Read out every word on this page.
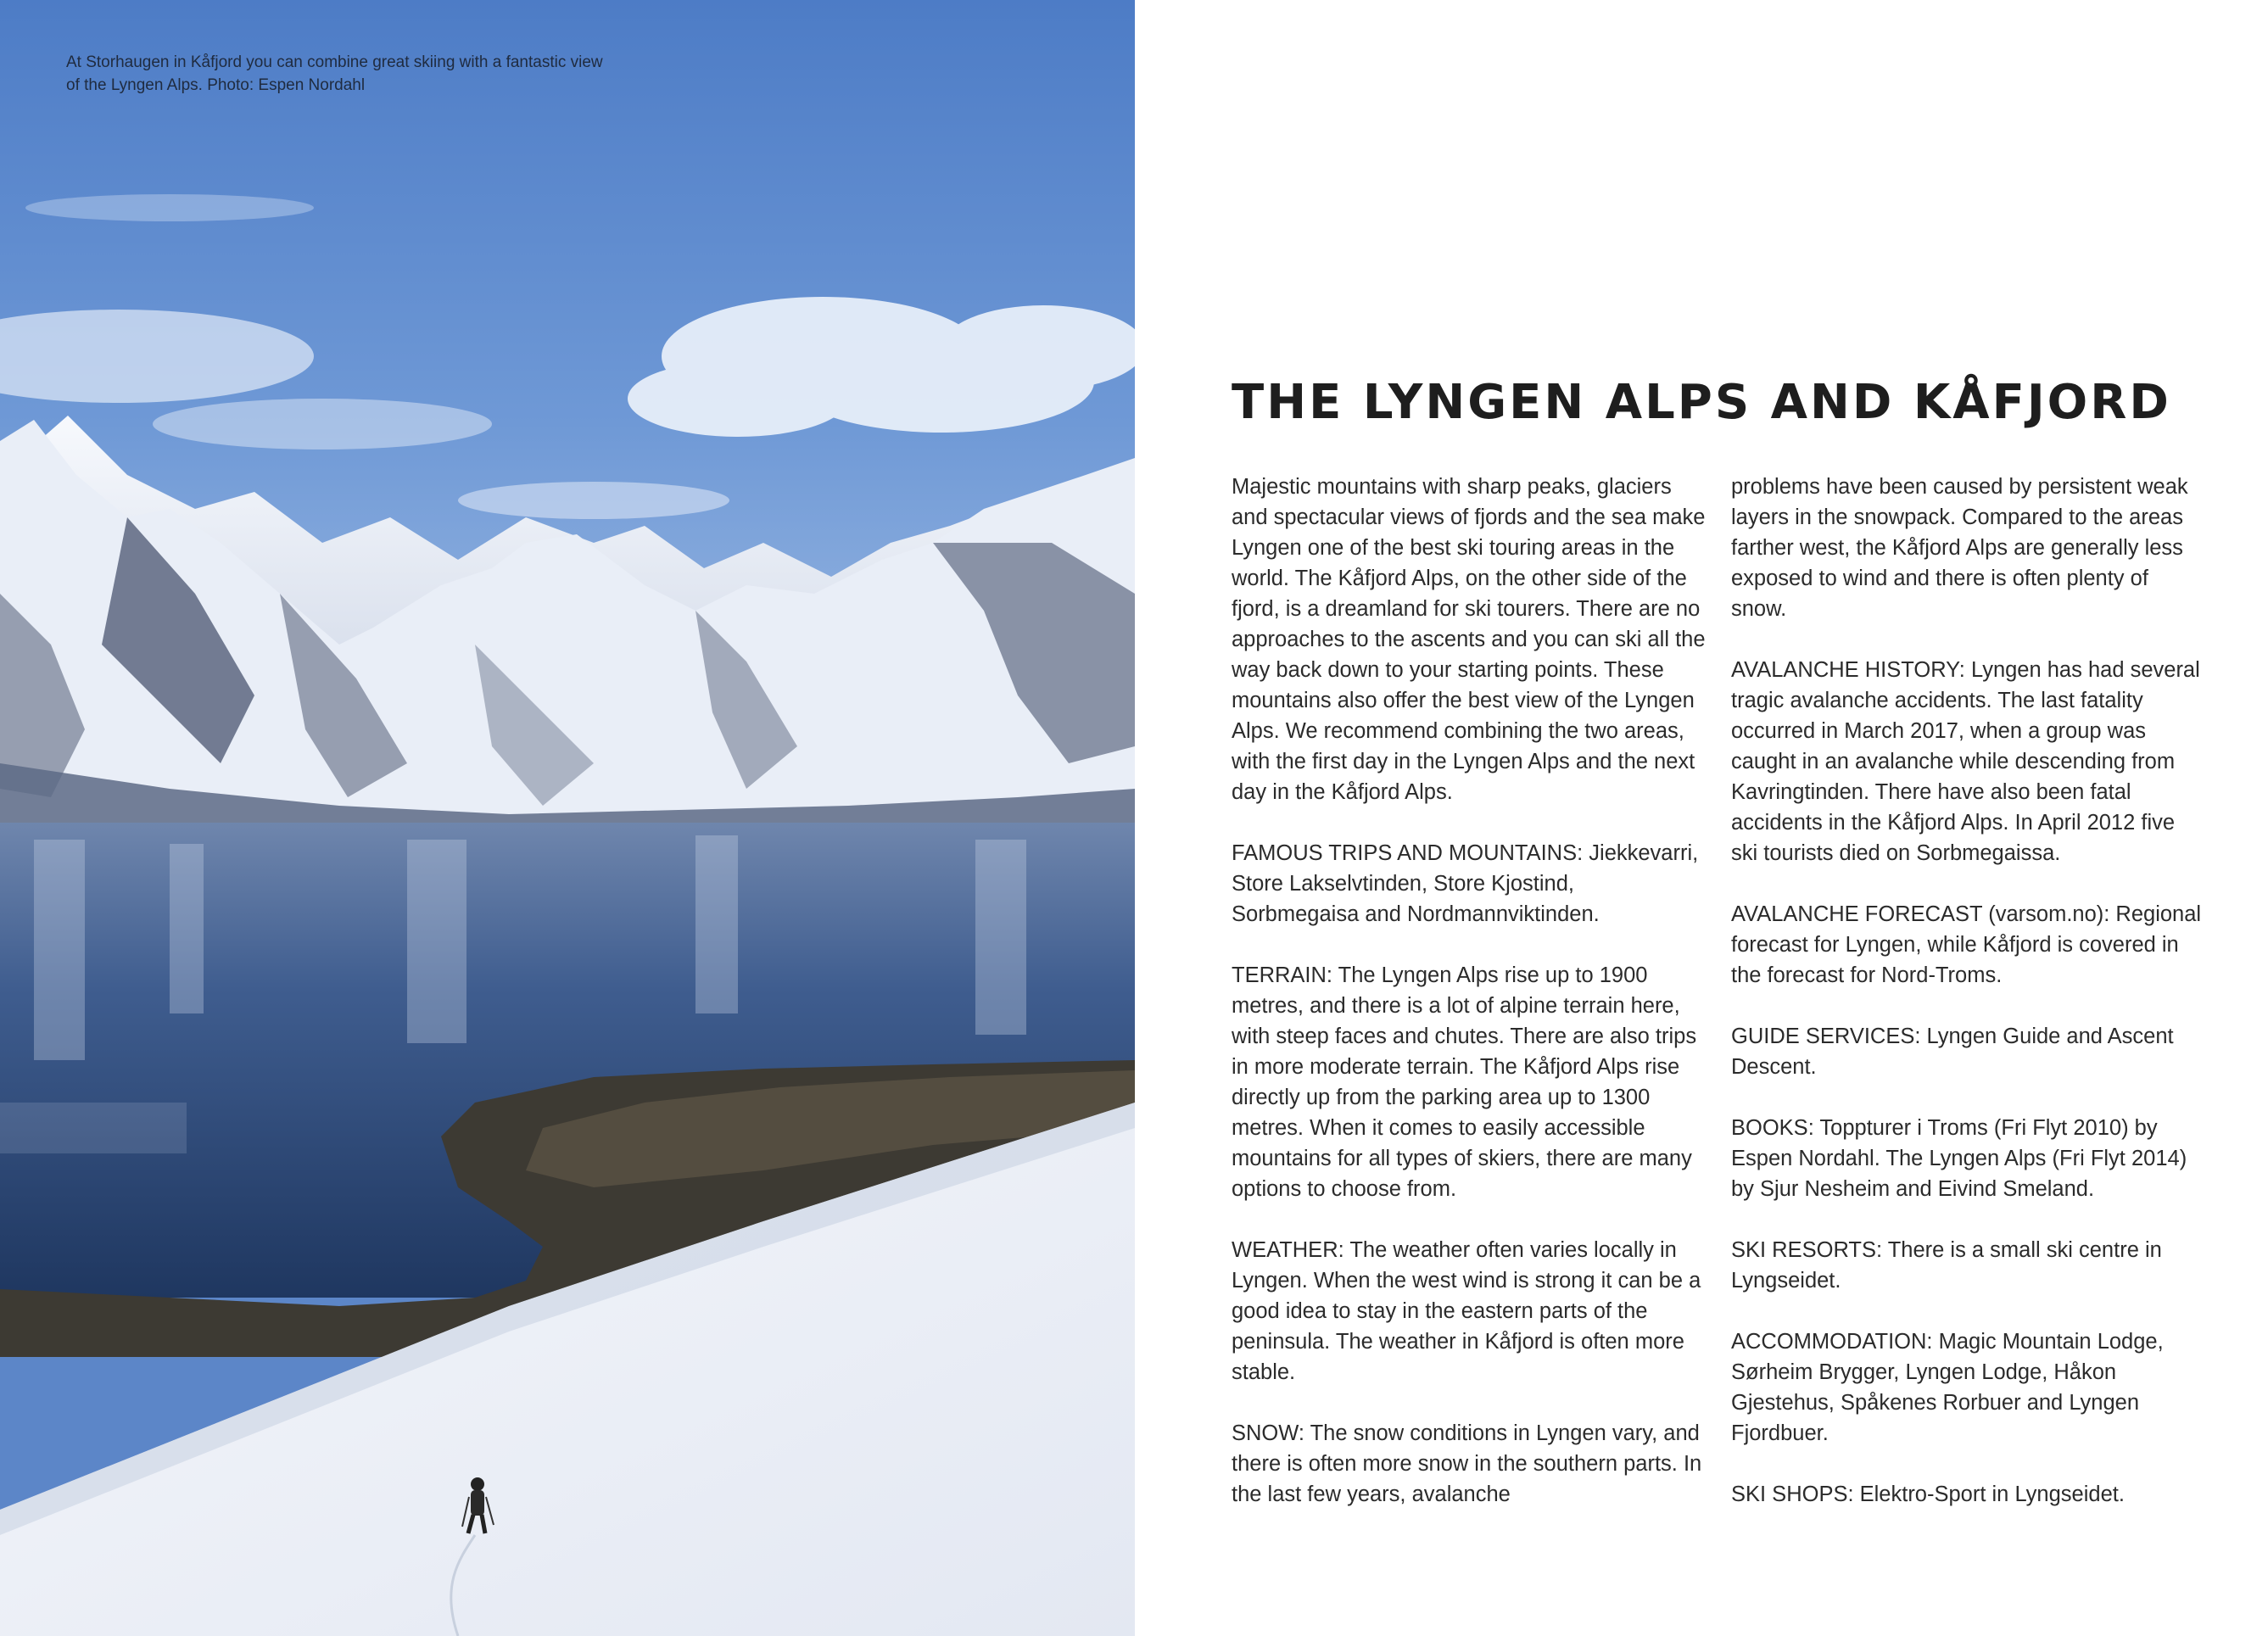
At Storhaugen in Kåfjord you can combine great skiing with a fantastic view of the Lyngen Alps. Photo: Espen Nordahl

THE LYNGEN ALPS AND KÅFJORD

Majestic mountains with sharp peaks, glaciers and spectacular views of fjords and the sea make Lyngen one of the best ski touring areas in the world. The Kåfjord Alps, on the other side of the fjord, is a dreamland for ski tourers. There are no approaches to the ascents and you can ski all the way back down to your starting points. These mountains also offer the best view of the Lyngen Alps. We recommend combining the two areas, with the first day in the Lyngen Alps and the next day in the Kåfjord Alps.

FAMOUS TRIPS AND MOUNTAINS: Jiekkevarri, Store Lakselvtinden, Store Kjostind, Sorbmegaisa and Nordmannviktinden.

TERRAIN: The Lyngen Alps rise up to 1900 metres, and there is a lot of alpine terrain here, with steep faces and chutes. There are also trips in more moderate terrain. The Kåfjord Alps rise directly up from the parking area up to 1300 metres. When it comes to easily accessible mountains for all types of skiers, there are many options to choose from.

WEATHER: The weather often varies locally in Lyngen. When the west wind is strong it can be a good idea to stay in the eastern parts of the peninsula. The weather in Kåfjord is often more stable.

SNOW: The snow conditions in Lyngen vary, and there is often more snow in the southern parts. In the last few years, avalanche

problems have been caused by persistent weak layers in the snowpack. Compared to the areas farther west, the Kåfjord Alps are generally less exposed to wind and there is often plenty of snow.

AVALANCHE HISTORY: Lyngen has had several tragic avalanche accidents. The last fatality occurred in March 2017, when a group was caught in an avalanche while descending from Kavringtinden. There have also been fatal accidents in the Kåfjord Alps. In April 2012 five ski tourists died on Sorbmegaissa.

AVALANCHE FORECAST (varsom.no): Regional forecast for Lyngen, while Kåfjord is covered in the forecast for Nord-Troms.

GUIDE SERVICES: Lyngen Guide and Ascent Descent.

BOOKS: Toppturer i Troms (Fri Flyt 2010) by Espen Nordahl. The Lyngen Alps (Fri Flyt 2014) by Sjur Nesheim and Eivind Smeland.

SKI RESORTS: There is a small ski centre in Lyngseidet.

ACCOMMODATION: Magic Mountain Lodge, Sørheim Brygger, Lyngen Lodge, Håkon Gjestehus, Spåkenes Rorbuer and Lyngen Fjordbuer.

SKI SHOPS: Elektro-Sport in Lyngseidet.
